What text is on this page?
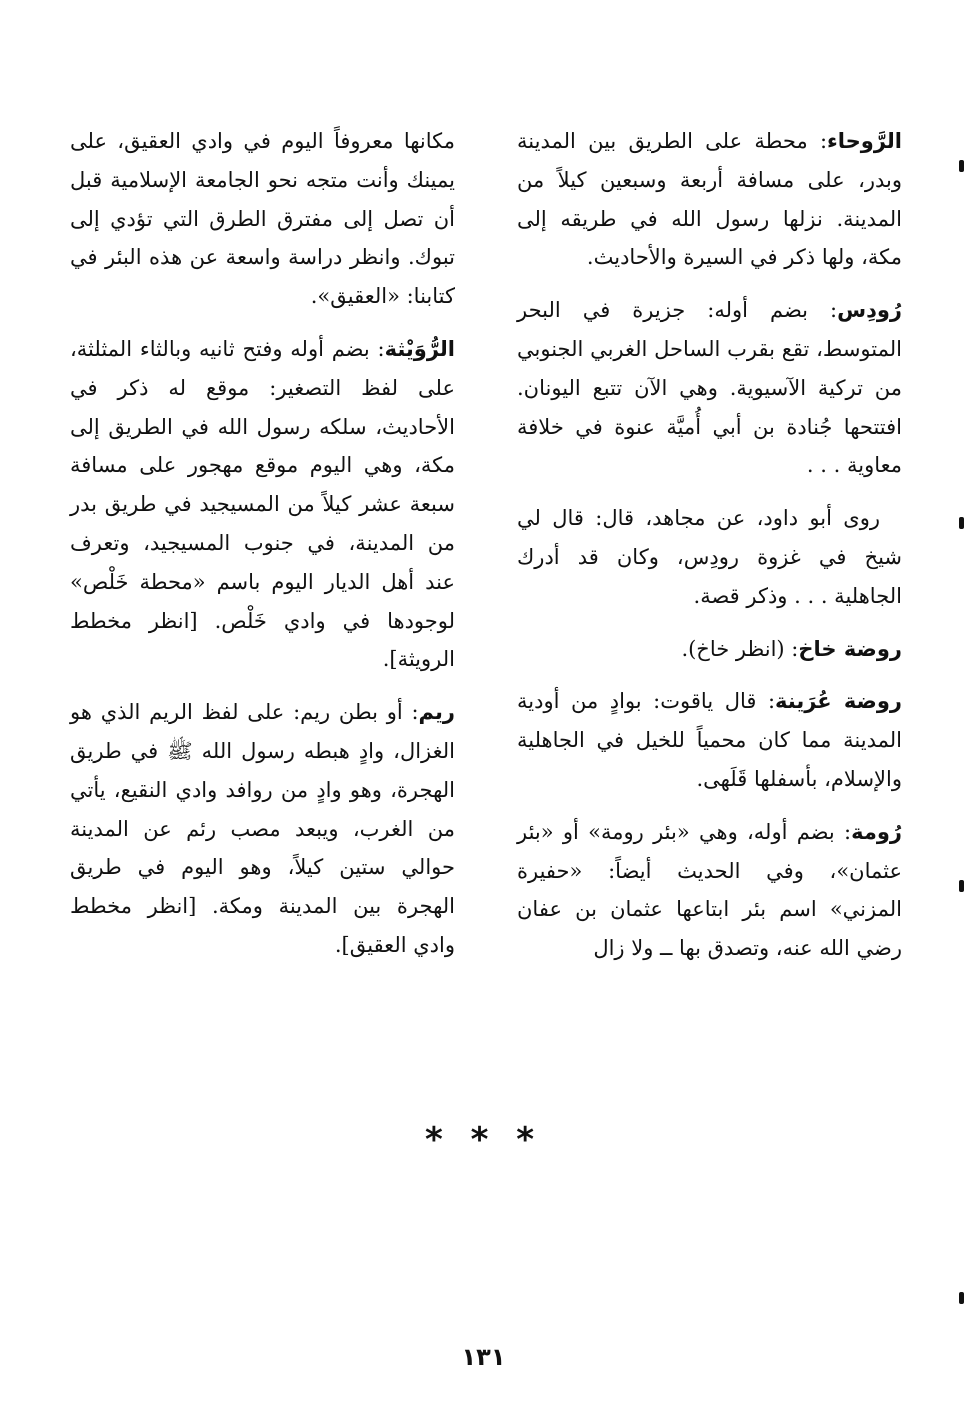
الرَّوحاء: محطة على الطريق بين المدينة وبدر، على مسافة أربعة وسبعين كيلاً من المدينة. نزلها رسول الله في طريقه إلى مكة، ولها ذكر في السيرة والأحاديث.

رُودِس: بضم أوله: جزيرة في البحر المتوسط، تقع بقرب الساحل الغربي الجنوبي من تركية الآسيوية. وهي الآن تتبع اليونان. افتتحها جُنادة بن أبي أُميَّة عنوة في خلافة معاوية . . .

روى أبو داود، عن مجاهد، قال: قال لي شيخ في غزوة رودِس، وكان قد أدرك الجاهلية . . . وذكر قصة.

روضة خاخ: (انظر خاخ).

روضة عُرَينة: قال ياقوت: بوادٍ من أودية المدينة مما كان محمياً للخيل في الجاهلية والإسلام، بأسفلها قَلَهى.

رُومة: بضم أوله، وهي «بئر رومة» أو «بئر عثمان»، وفي الحديث أيضاً: «حفيرة المزني» اسم بئر ابتاعها عثمان بن عفان رضي الله عنه، وتصدق بها ــ ولا زال

مكانها معروفاً اليوم في وادي العقيق، على يمينك وأنت متجه نحو الجامعة الإسلامية قبل أن تصل إلى مفترق الطرق التي تؤدي إلى تبوك. وانظر دراسة واسعة عن هذه البئر في كتابنا: «العقيق».

الرُّوَيْثة: بضم أوله وفتح ثانيه وبالثاء المثلثة، على لفظ التصغير: موقع له ذكر في الأحاديث، سلكه رسول الله في الطريق إلى مكة، وهي اليوم موقع مهجور على مسافة سبعة عشر كيلاً من المسيجيد في طريق بدر من المدينة، في جنوب المسيجيد، وتعرف عند أهل الديار اليوم باسم «محطة خَلْص» لوجودها في وادي خَلْص. [انظر مخطط الرويثة].

ريم: أو بطن ريم: على لفظ الريم الذي هو الغزال، وادٍ هبطه رسول الله ﷺ في طريق الهجرة، وهو وادٍ من روافد وادي النقيع، يأتي من الغرب، ويبعد مصب رئم عن المدينة حوالي ستين كيلاً، وهو اليوم في طريق الهجرة بين المدينة ومكة. [انظر مخطط وادي العقيق].

* * *
١٣١
